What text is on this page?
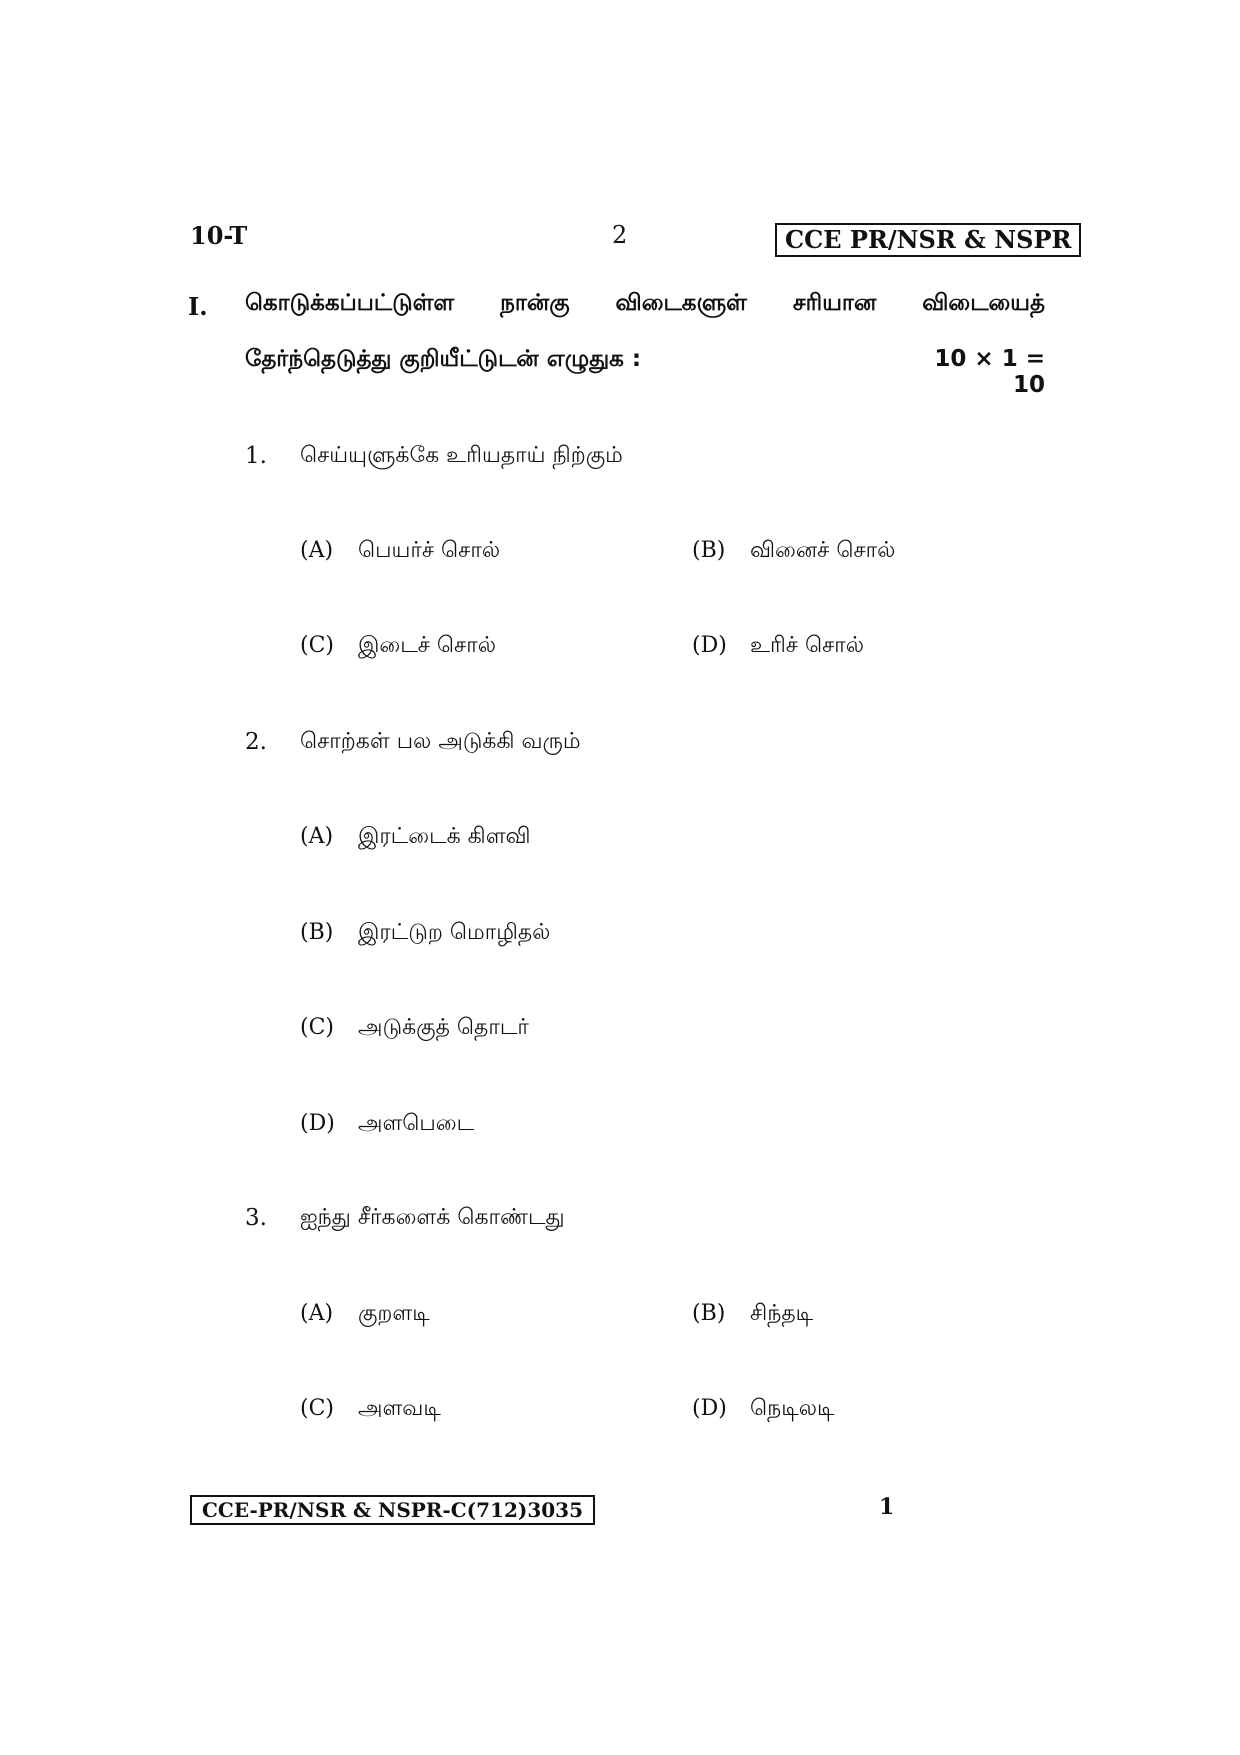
10-T	2	CCE PR/NSR & NSPR
I. கொடுக்கப்பட்டுள்ள நான்கு விடைகளுள் சரியான விடையைத்
தேர்ந்தெடுத்து குறியீட்டுடன் எழுதுக :	10 × 1 = 10
1. செய்யுளுக்கே உரியதாய் நிற்கும்
(A) பெயர்ச் சொல்	(B) வினைச் சொல்
(C) இடைச் சொல்	(D) உரிச் சொல்
2. சொற்கள் பல அடுக்கி வரும்
(A) இரட்டைக் கிளவி
(B) இரட்டுற மொழிதல்
(C) அடுக்குத் தொடர்
(D) அளபெடை
3. ஐந்து சீர்களைக் கொண்டது
(A) குறளடி	(B) சிந்தடி
(C) அளவடி	(D) நெடிலடி
CCE-PR/NSR & NSPR-C(712)3035	1
